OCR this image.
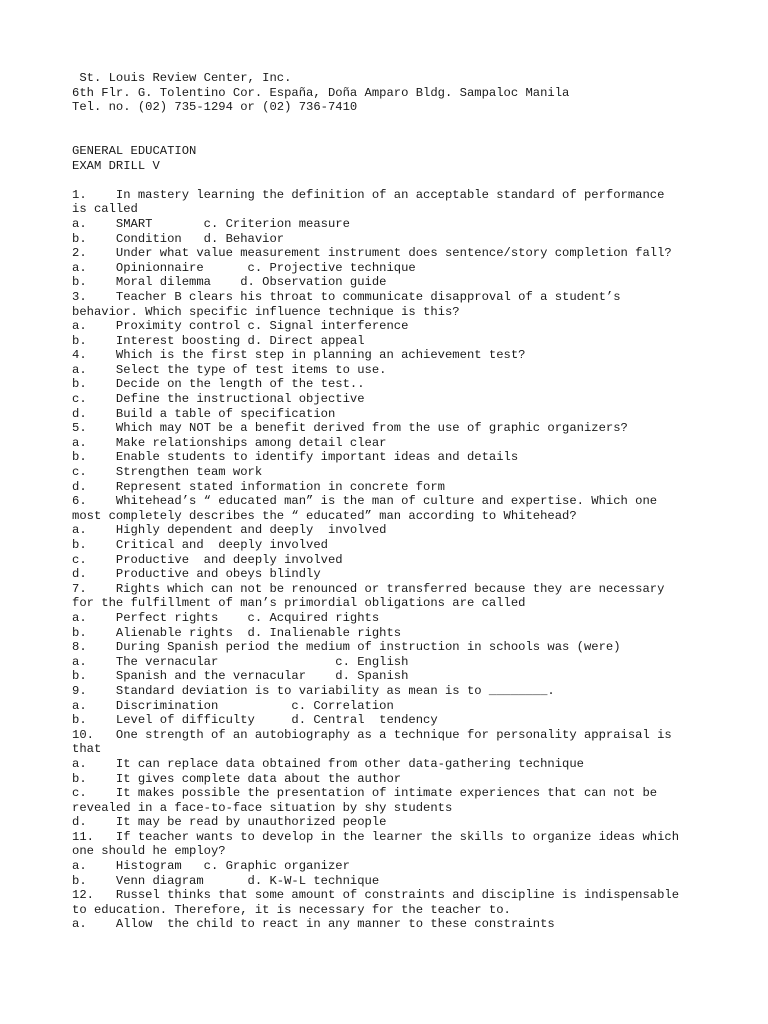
St. Louis Review Center, Inc.
6th Flr. G. Tolentino Cor. España, Doña Amparo Bldg. Sampaloc Manila
Tel. no. (02) 735-1294 or (02) 736-7410
GENERAL EDUCATION
EXAM DRILL V
1.    In mastery learning the definition of an acceptable standard of performance
is called
a.    SMART       c. Criterion measure
b.    Condition   d. Behavior
2.    Under what value measurement instrument does sentence/story completion fall?
a.    Opinionnaire      c. Projective technique
b.    Moral dilemma    d. Observation guide
3.    Teacher B clears his throat to communicate disapproval of a student’s
behavior. Which specific influence technique is this?
a.    Proximity control c. Signal interference
b.    Interest boosting d. Direct appeal
4.    Which is the first step in planning an achievement test?
a.    Select the type of test items to use.
b.    Decide on the length of the test..
c.    Define the instructional objective
d.    Build a table of specification
5.    Which may NOT be a benefit derived from the use of graphic organizers?
a.    Make relationships among detail clear
b.    Enable students to identify important ideas and details
c.    Strengthen team work
d.    Represent stated information in concrete form
6.    Whitehead’s “ educated man” is the man of culture and expertise. Which one
most completely describes the “ educated” man according to Whitehead?
a.    Highly dependent and deeply  involved
b.    Critical and  deeply involved
c.    Productive  and deeply involved
d.    Productive and obeys blindly
7.    Rights which can not be renounced or transferred because they are necessary
for the fulfillment of man’s primordial obligations are called
a.    Perfect rights    c. Acquired rights
b.    Alienable rights  d. Inalienable rights
8.    During Spanish period the medium of instruction in schools was (were)
a.    The vernacular                c. English
b.    Spanish and the vernacular    d. Spanish
9.    Standard deviation is to variability as mean is to ________.
a.    Discrimination          c. Correlation
b.    Level of difficulty     d. Central  tendency
10.   One strength of an autobiography as a technique for personality appraisal is
that
a.    It can replace data obtained from other data-gathering technique
b.    It gives complete data about the author
c.    It makes possible the presentation of intimate experiences that can not be
revealed in a face-to-face situation by shy students
d.    It may be read by unauthorized people
11.   If teacher wants to develop in the learner the skills to organize ideas which
one should he employ?
a.    Histogram   c. Graphic organizer
b.    Venn diagram      d. K-W-L technique
12.   Russel thinks that some amount of constraints and discipline is indispensable
to education. Therefore, it is necessary for the teacher to.
a.    Allow  the child to react in any manner to these constraints
